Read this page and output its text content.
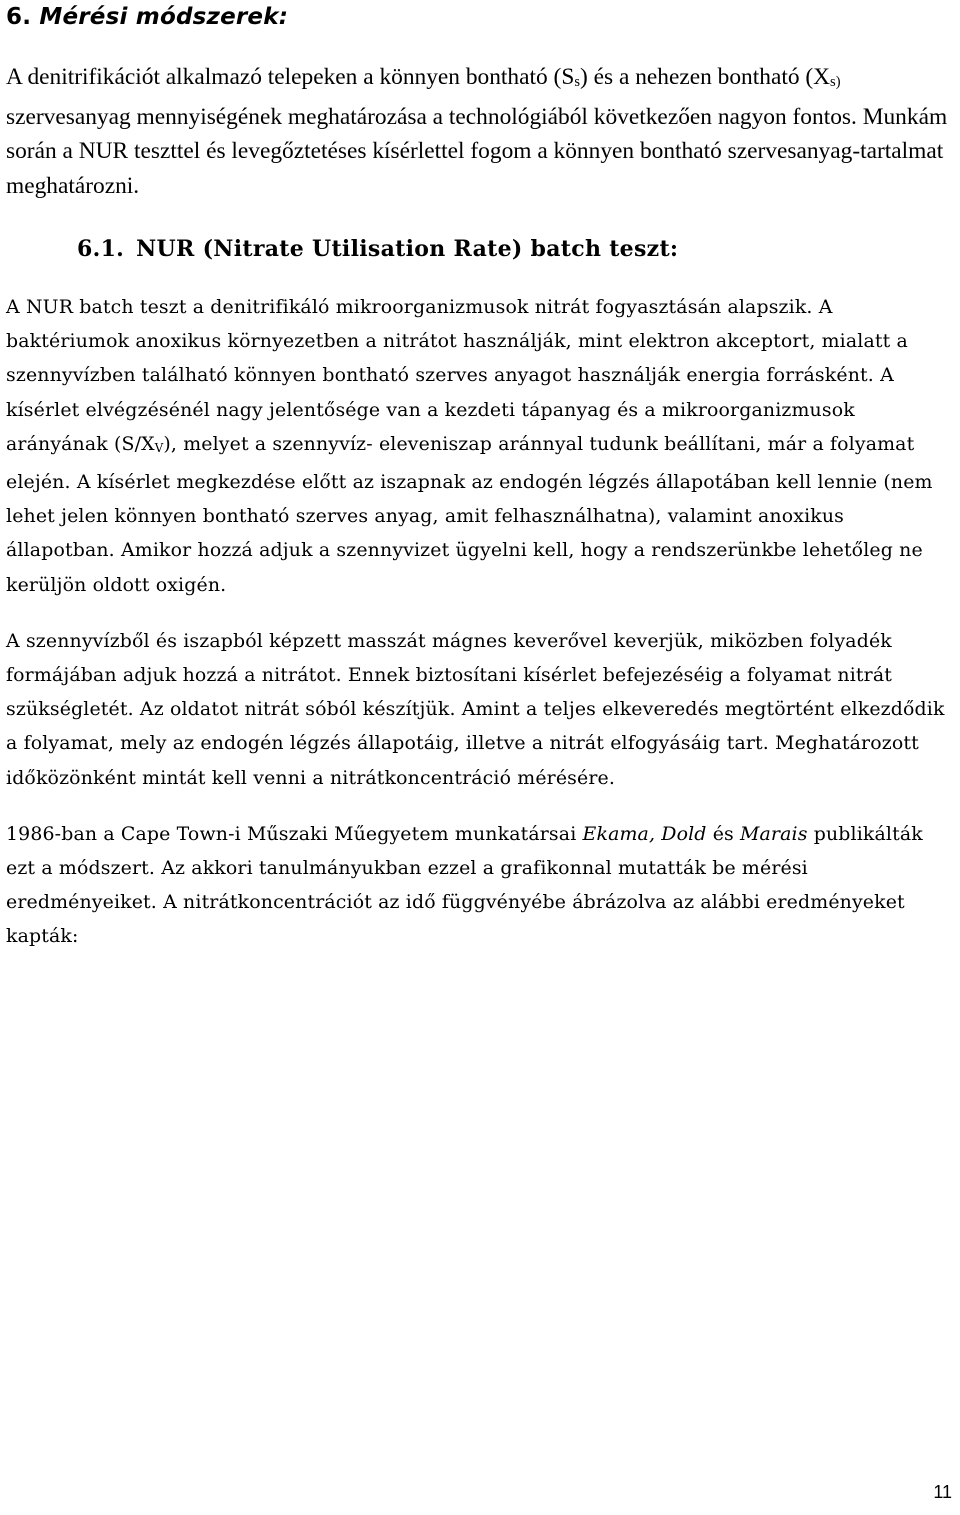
6. Mérési módszerek:

A denitrifikációt alkalmazó telepeken a könnyen bontható $(S_s)$ és a nehezen bontható ($X_{s)}$ szervesanyag mennyiségének meghatározása a technológiából következően nagyon fontos. Munkám során a NUR teszttel és levegőztetéses kísérlettel fogom a könnyen bontható szervesanyag-tartalmat meghatározni.

6.1. NUR (Nitrate Utilisation Rate) batch teszt:

A NUR batch teszt a denitrifikáló mikroorganizmusok nitrát fogyasztásán alapszik. A baktériumok anoxikus környezetben a nitrátot használják, mint elektron akceptort, mialatt a szennyvízben található könnyen bontható szerves anyagot használják energia forrásként. A kísérlet elvégzésénél nagy jelentősége van a kezdeti tápanyag és a mikroorganizmusok arányának $(S/X_V)$, melyet a szennyvíz- eleveniszap aránnyal tudunk beállítani, már a folyamat elején. A kísérlet megkezdése előtt az iszapnak az endogén légzés állapotában kell lennie (nem lehet jelen könnyen bontható szerves anyag, amit felhasználhatna), valamint anoxikus állapotban. Amikor hozzá adjuk a szennyvizet ügyelni kell, hogy a rendszerünkbe lehetőleg ne kerüljön oldott oxigén.

A szennyvízből és iszapból képzett masszát mágnes keverővel keverjük, miközben folyadék formájában adjuk hozzá a nitrátot. Ennek biztosítani kísérlet befejezéséig a folyamat nitrát szükségletét. Az oldatot nitrát sóból készítjük. Amint a teljes elkeveredés megtörtént elkezdődik a folyamat, mely az endogén légzés állapotáig, illetve a nitrát elfogyásáig tart. Meghatározott időközönként mintát kell venni a nitrátkoncentráció mérésére.

1986-ban a Cape Town-i Műszaki Műegyetem munkatársai Ekama, Dold és Marais publikálták ezt a módszert. Az akkori tanulmányukban ezzel a grafikonnal mutatták be mérési eredményeiket. A nitrátkoncentrációt az idő függvényébe ábrázolva az alábbi eredményeket kapták:

11
